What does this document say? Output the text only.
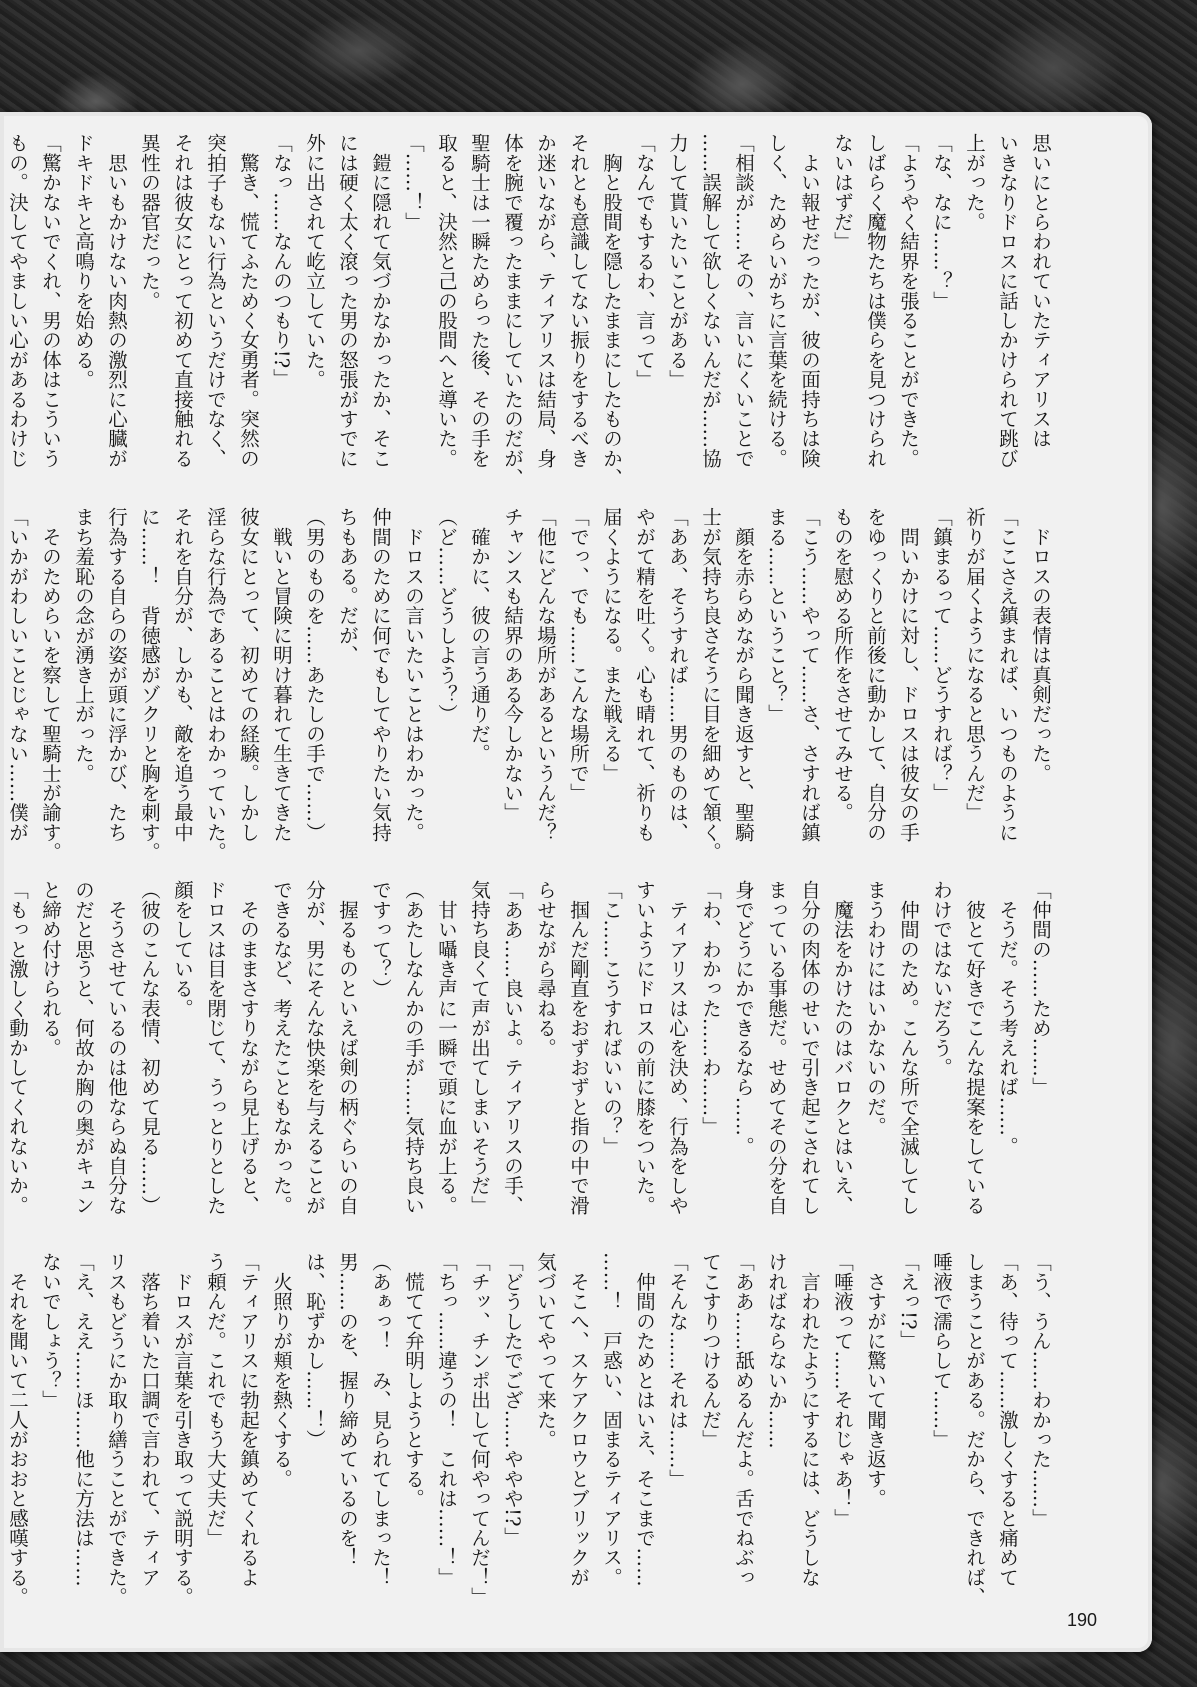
思いにとらわれていたティアリスは
いきなりドロスに話しかけられて跳び
上がった。
「な、なに……？」
「ようやく結界を張ることができた。
しばらく魔物たちは僕らを見つけられ
ないはずだ」
　よい報せだったが、彼の面持ちは険
しく、ためらいがちに言葉を続ける。
「相談が……その、言いにくいことで
……誤解して欲しくないんだが……協
力して貰いたいことがある」
「なんでもするわ、言って」
　胸と股間を隠したままにしたものか、
それとも意識してない振りをするべき
か迷いながら、ティアリスは結局、身
体を腕で覆ったままにしていたのだが、
聖騎士は一瞬ためらった後、その手を
取ると、決然と己の股間へと導いた。
「……！」
　鎧に隠れて気づかなかったか、そこ
には硬く太く滾った男の怒張がすでに
外に出されて屹立していた。
「なっ……なんのつもり!?」
　驚き、慌てふためく女勇者。突然の
突拍子もない行為というだけでなく、
それは彼女にとって初めて直接触れる
異性の器官だった。
　思いもかけない肉熱の激烈に心臓が
ドキドキと高鳴りを始める。
「驚かないでくれ、男の体はこういう
もの。決してやましい心があるわけじ

　ドロスの表情は真剣だった。
「ここさえ鎮まれば、いつものように
祈りが届くようになると思うんだ」
「鎮まるって……どうすれば？」
　問いかけに対し、ドロスは彼女の手
をゆっくりと前後に動かして、自分の
ものを慰める所作をさせてみせる。
「こう……やって……さ、さすれば鎮
まる……ということ？」
　顔を赤らめながら聞き返すと、聖騎
士が気持ち良さそうに目を細めて頷く。
「ああ、そうすれば……男のものは、
やがて精を吐く。心も晴れて、祈りも
届くようになる。また戦える」
「でっ、でも……こんな場所で」
「他にどんな場所があるというんだ？
チャンスも結界のある今しかない」
　確かに、彼の言う通りだ。
（ど……どうしよう？）
　ドロスの言いたいことはわかった。
仲間のために何でもしてやりたい気持
ちもある。だが、
（男のものを……あたしの手で……）
　戦いと冒険に明け暮れて生きてきた
彼女にとって、初めての経験。しかし
淫らな行為であることはわかっていた。
それを自分が、しかも、敵を追う最中
に……！　背徳感がゾクリと胸を刺す。
行為する自らの姿が頭に浮かび、たち
まち羞恥の念が湧き上がった。
　そのためらいを察して聖騎士が諭す。
「いかがわしいことじゃない……僕が

「仲間の……ため……」
　そうだ。そう考えれば……。
　彼とて好きでこんな提案をしている
わけではないだろう。
　仲間のため。こんな所で全滅してし
まうわけにはいかないのだ。
　魔法をかけたのはバロクとはいえ、
自分の肉体のせいで引き起こされてし
まっている事態だ。せめてその分を自
身でどうにかできるなら……。
「わ、わかった……わ……」
　ティアリスは心を決め、行為をしや
すいようにドロスの前に膝をついた。
「こ……こうすればいいの？」
　掴んだ剛直をおずおずと指の中で滑
らせながら尋ねる。
「ああ……良いよ。ティアリスの手、
気持ち良くて声が出てしまいそうだ」
　甘い囁き声に一瞬で頭に血が上る。
（あたしなんかの手が……気持ち良い
ですって？）
　握るものといえば剣の柄ぐらいの自
分が、男にそんな快楽を与えることが
できるなど、考えたこともなかった。
　そのままさすりながら見上げると、
ドロスは目を閉じて、うっとりとした
顔をしている。
（彼のこんな表情、初めて見る……）
　そうさせているのは他ならぬ自分な
のだと思うと、何故か胸の奥がキュン
と締め付けられる。
「もっと激しく動かしてくれないか。

「う、うん……わかった……」
「あ、待って……激しくすると痛めて
しまうことがある。だから、できれば、
唾液で濡らして……」
「えっ!?」
　さすがに驚いて聞き返す。
「唾液って……それじゃあ！」
　言われたようにするには、どうしな
ければならないか……
「ああ……舐めるんだよ。舌でねぶっ
てこすりつけるんだ」
「そんな……それは……」
　仲間のためとはいえ、そこまで……
……！　戸惑い、固まるティアリス。
　そこへ、スケアクロウとブリックが
気づいてやって来た。
「どうしたでござ……ややや!?」
「チッ、チンポ出して何やってんだ！」
「ちっ……違うの！　これは……！」
　慌てて弁明しようとする。
（あぁっ！　み、見られてしまった！
男……のを、握り締めているのを！
は、恥ずかし……！）
　火照りが頬を熱くする。
「ティアリスに勃起を鎮めてくれるよ
う頼んだ。これでもう大丈夫だ」
　ドロスが言葉を引き取って説明する。
　落ち着いた口調で言われて、ティア
リスもどうにか取り繕うことができた。
「え、ええ……ほ……他に方法は……
ないでしょう？」
　それを聞いて二人がおおと感嘆する。

190
